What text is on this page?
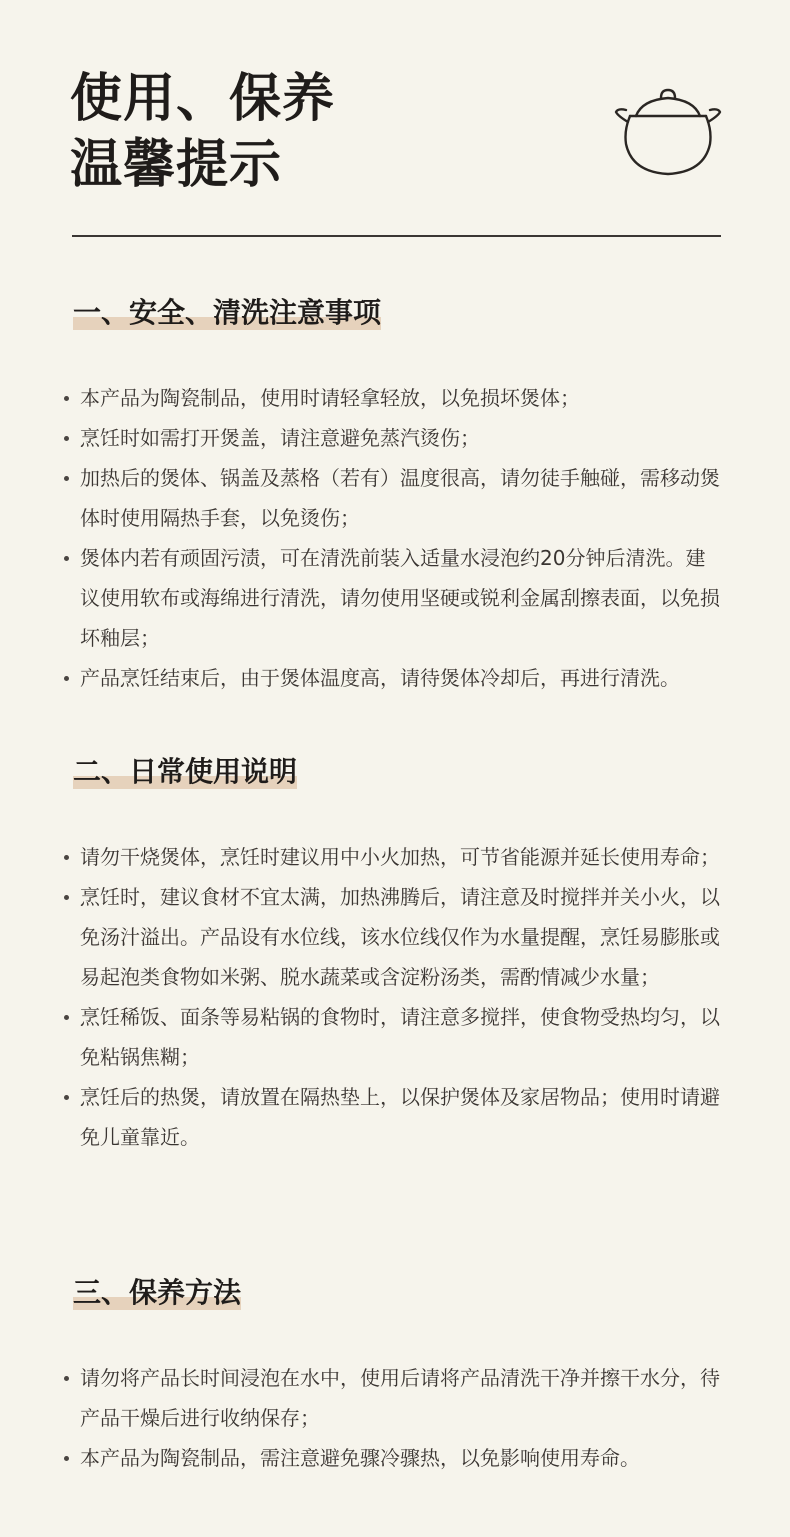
使用、保养
温馨提示
一、安全、清洗注意事项
本产品为陶瓷制品，使用时请轻拿轻放，以免损坏煲体；
烹饪时如需打开煲盖，请注意避免蒸汽烫伤；
加热后的煲体、锅盖及蒸格（若有）温度很高，请勿徒手触碰，需移动煲体时使用隔热手套，以免烫伤；
煲体内若有顽固污渍，可在清洗前装入适量水浸泡约20分钟后清洗。建议使用软布或海绵进行清洗，请勿使用坚硬或锐利金属刮擦表面，以免损坏釉层；
产品烹饪结束后，由于煲体温度高，请待煲体冷却后，再进行清洗。
二、日常使用说明
请勿干烧煲体，烹饪时建议用中小火加热，可节省能源并延长使用寿命；
烹饪时，建议食材不宜太满，加热沸腾后，请注意及时搅拌并关小火，以免汤汁溢出。产品设有水位线，该水位线仅作为水量提醒，烹饪易膨胀或易起泡类食物如米粥、脱水蔬菜或含淀粉汤类，需酌情减少水量；
烹饪稀饭、面条等易粘锅的食物时，请注意多搅拌，使食物受热均匀，以免粘锅焦糊；
烹饪后的热煲，请放置在隔热垫上，以保护煲体及家居物品；使用时请避免儿童靠近。
三、保养方法
请勿将产品长时间浸泡在水中，使用后请将产品清洗干净并擦干水分，待产品干燥后进行收纳保存；
本产品为陶瓷制品，需注意避免骤冷骤热，以免影响使用寿命。
